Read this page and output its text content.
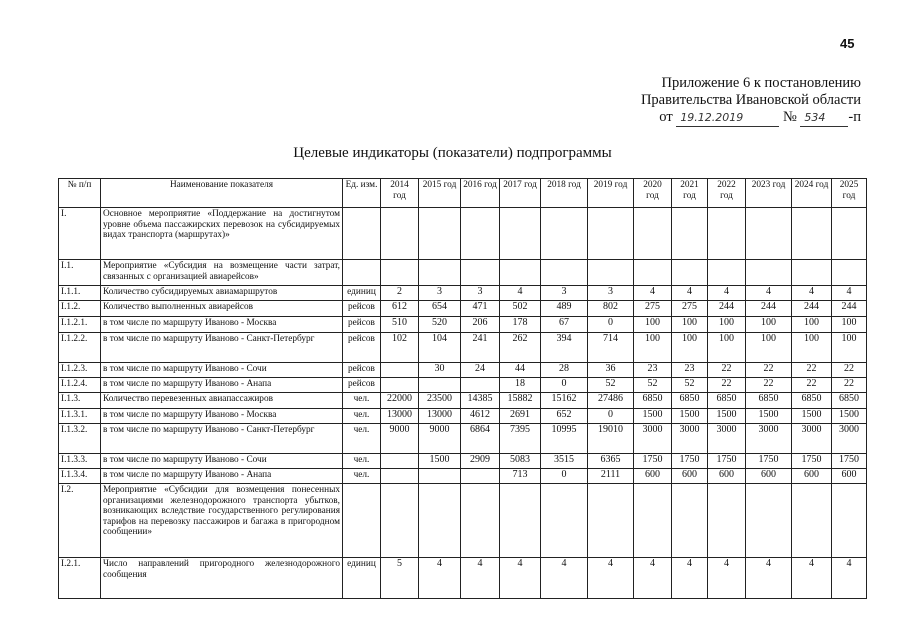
45
Приложение 6 к постановлению
Правительства Ивановской области
от 19.12.2019	№ 534 -п
Целевые индикаторы (показатели) подпрограммы
№ п/п	Наименование показателя	Ед. изм.	2014 год	2015 год	2016 год	2017 год	2018 год	2019 год	2020 год	2021 год	2022 год	2023 год	2024 год	2025 год
I.	Основное мероприятие «Поддержание на достигнутом уровне объема пассажирских перевозок на субсидируемых видах транспорта (маршрутах)»													
I.1.	Мероприятие «Субсидия на возмещение части затрат, связанных с организацией авиарейсов»													
I.1.1.	Количество субсидируемых авиамаршрутов	единиц	2	3	3	4	3	3	4	4	4	4	4	4
I.1.2.	Количество выполненных авиарейсов	рейсов	612	654	471	502	489	802	275	275	244	244	244	244
I.1.2.1.	в том числе по маршруту Иваново - Москва	рейсов	510	520	206	178	67	0	100	100	100	100	100	100
I.1.2.2.	в том числе по маршруту Иваново - Санкт-Петербург	рейсов	102	104	241	262	394	714	100	100	100	100	100	100
I.1.2.3.	в том числе по маршруту Иваново - Сочи	рейсов		30	24	44	28	36	23	23	22	22	22	22
I.1.2.4.	в том числе по маршруту Иваново - Анапа	рейсов				18	0	52	52	52	22	22	22	22
I.1.3.	Количество перевезенных авиапассажиров	чел.	22000	23500	14385	15882	15162	27486	6850	6850	6850	6850	6850	6850
I.1.3.1.	в том числе по маршруту Иваново - Москва	чел.	13000	13000	4612	2691	652	0	1500	1500	1500	1500	1500	1500
I.1.3.2.	в том числе по маршруту Иваново - Санкт-Петербург	чел.	9000	9000	6864	7395	10995	19010	3000	3000	3000	3000	3000	3000
I.1.3.3.	в том числе по маршруту Иваново - Сочи	чел.		1500	2909	5083	3515	6365	1750	1750	1750	1750	1750	1750
I.1.3.4.	в том числе по маршруту Иваново - Анапа	чел.				713	0	2111	600	600	600	600	600	600
I.2.	Мероприятие «Субсидии для возмещения понесенных организациями железнодорожного транспорта убытков, возникающих вследствие государственного регулирования тарифов на перевозку пассажиров и багажа в пригородном сообщении»													
I.2.1.	Число направлений пригородного железнодорожного сообщения	единиц	5	4	4	4	4	4	4	4	4	4	4	4
